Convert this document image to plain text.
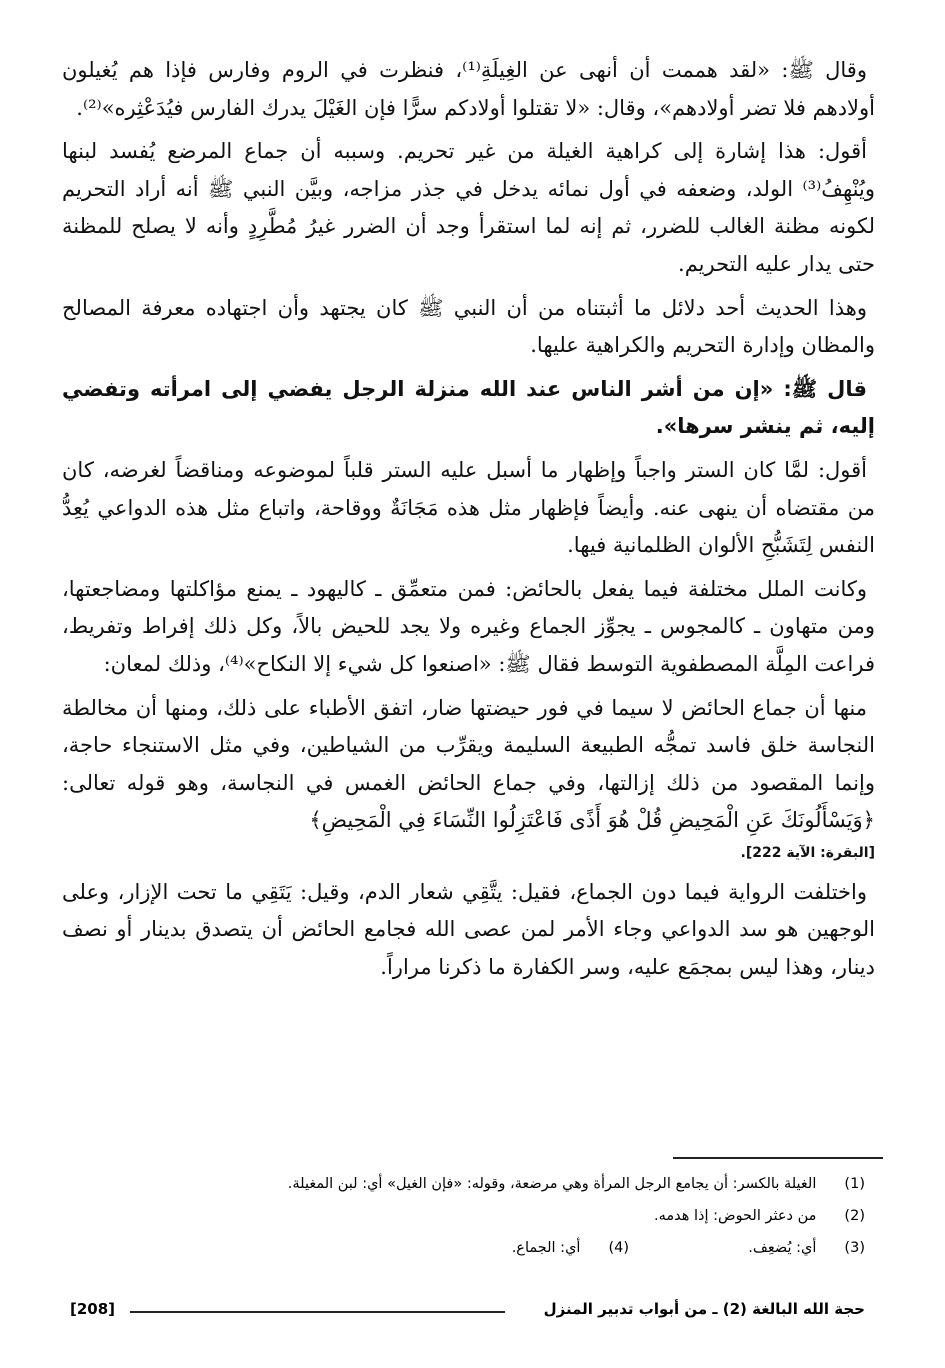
وقال ﷺ: «لقد هممت أن أنهى عن الغِيلَةِ⁽¹⁾، فنظرت في الروم وفارس فإذا هم يُغيلون أولادهم فلا تضر أولادهم»، وقال: «لا تقتلوا أولادكم سرًّا فإن الغَيْلَ يدرك الفارس فيُدَعْثِره»⁽²⁾.

أقول: هذا إشارة إلى كراهية الغيلة من غير تحريم. وسببه أن جماع المرضع يُفسد لبنها ويُنْهِفُ⁽³⁾ الولد، وضعفه في أول نمائه يدخل في جذر مزاجه، وبيَّن النبي ﷺ أنه أراد التحريم لكونه مظنة الغالب للضرر، ثم إنه لما استقرأ وجد أن الضرر غيرُ مُطَّرِدٍ وأنه لا يصلح للمظنة حتى يدار عليه التحريم.

وهذا الحديث أحد دلائل ما أثبتناه من أن النبي ﷺ كان يجتهد وأن اجتهاده معرفة المصالح والمظان وإدارة التحريم والكراهية عليها.

قال ﷺ: «إن من أشر الناس عند الله منزلة الرجل يفضي إلى امرأته وتفضي إليه، ثم ينشر سرها».

أقول: لمَّا كان الستر واجباً وإظهار ما أسبل عليه الستر قلباً لموضوعه ومناقضاً لغرضه، كان من مقتضاه أن ينهى عنه. وأيضاً فإظهار مثل هذه مَجَانَةٌ ووقاحة، واتباع مثل هذه الدواعي يُعِدُّ النفس لِتَشَبُّحِ الألوان الظلمانية فيها.

وكانت الملل مختلفة فيما يفعل بالحائض: فمن متعمِّق ـ كاليهود ـ يمنع مؤاكلتها ومضاجعتها، ومن متهاون ـ كالمجوس ـ يجوِّز الجماع وغيره ولا يجد للحيض بالاً، وكل ذلك إفراط وتفريط، فراعت المِلَّة المصطفوية التوسط فقال ﷺ: «اصنعوا كل شيء إلا النكاح»⁽⁴⁾، وذلك لمعان:

منها أن جماع الحائض لا سيما في فور حيضتها ضار، اتفق الأطباء على ذلك، ومنها أن مخالطة النجاسة خلق فاسد تمجُّه الطبيعة السليمة ويقرِّب من الشياطين، وفي مثل الاستنجاء حاجة، وإنما المقصود من ذلك إزالتها، وفي جماع الحائض الغمس في النجاسة، وهو قوله تعالى: ﴿وَيَسْأَلُونَكَ عَنِ الْمَحِيضِ قُلْ هُوَ أَذًى فَاعْتَزِلُوا النِّسَاءَ فِي الْمَحِيضِ﴾

[البقرة: الآية 222].

واختلفت الرواية فيما دون الجماع، فقيل: يتَّقِي شعار الدم، وقيل: يَتَقِي ما تحت الإزار، وعلى الوجهين هو سد الدواعي وجاء الأمر لمن عصى الله فجامع الحائض أن يتصدق بدينار أو نصف دينار، وهذا ليس بمجمَع عليه، وسر الكفارة ما ذكرنا مراراً.

(1) الغيلة بالكسر: أن يجامع الرجل المرأة وهي مرضعة، وقوله: «فإن الغيل» أي: لبن المغيلة.
(2) من دعثر الحوض: إذا هدمه.
(3) أي: يُضعِف.  (4) أي: الجماع.
حجة الله البالغة (2) ـ من أبواب تدبير المنزل
[208]
